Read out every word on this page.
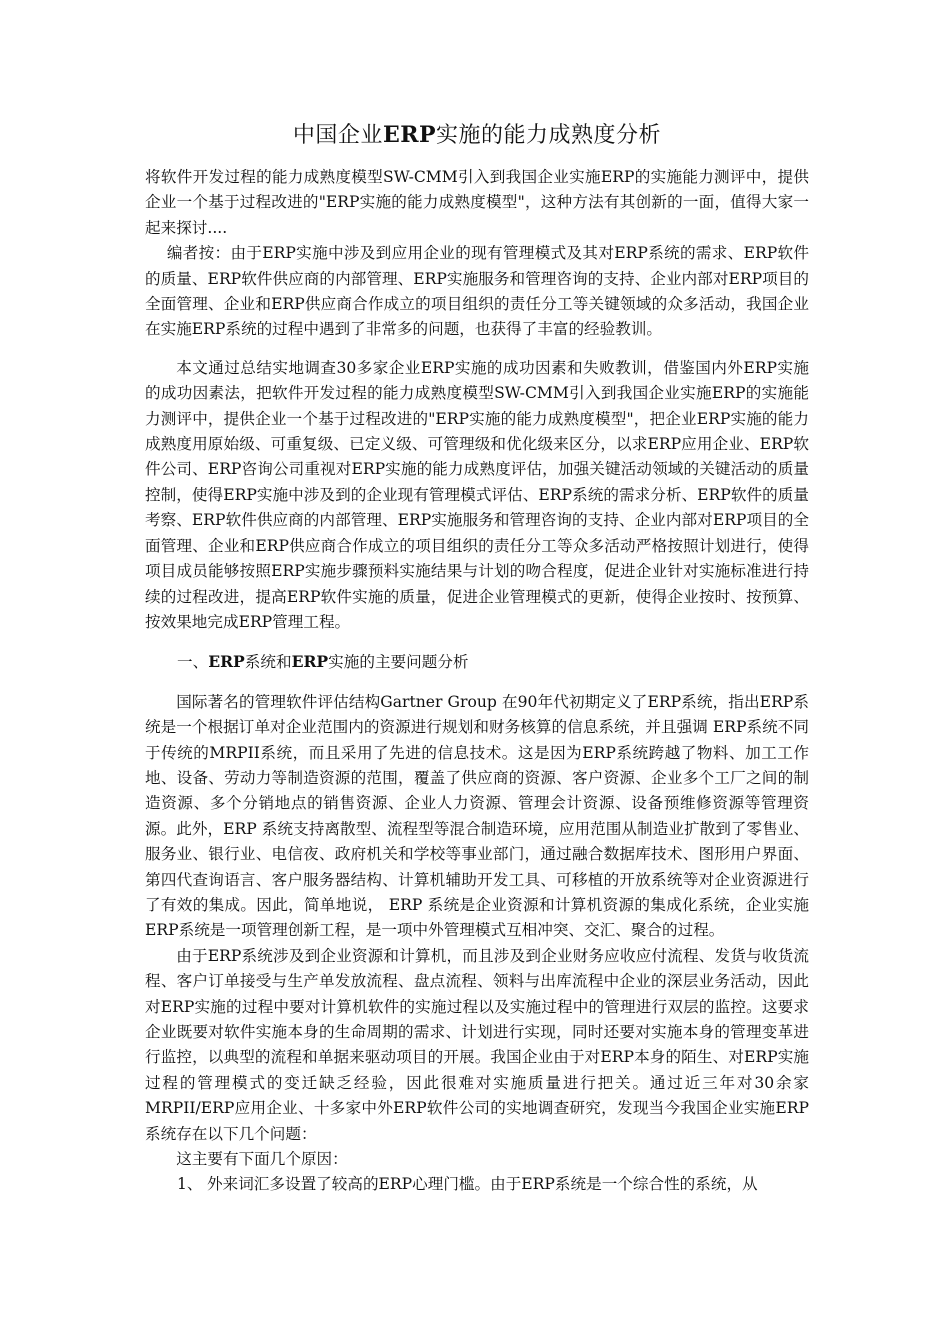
中国企业ERP实施的能力成熟度分析

将软件开发过程的能力成熟度模型SW-CMM引入到我国企业实施ERP的实施能力测评中，提供企业一个基于过程改进的"ERP实施的能力成熟度模型"，这种方法有其创新的一面，值得大家一起来探讨....

编者按：由于ERP实施中涉及到应用企业的现有管理模式及其对ERP系统的需求、ERP软件的质量、ERP软件供应商的内部管理、ERP实施服务和管理咨询的支持、企业内部对ERP项目的全面管理、企业和ERP供应商合作成立的项目组织的责任分工等关键领域的众多活动，我国企业在实施ERP系统的过程中遇到了非常多的问题，也获得了丰富的经验教训。

本文通过总结实地调查30多家企业ERP实施的成功因素和失败教训，借鉴国内外ERP实施的成功因素法，把软件开发过程的能力成熟度模型SW-CMM引入到我国企业实施ERP的实施能力测评中，提供企业一个基于过程改进的"ERP实施的能力成熟度模型"，把企业ERP实施的能力成熟度用原始级、可重复级、已定义级、可管理级和优化级来区分，以求ERP应用企业、ERP软件公司、ERP咨询公司重视对ERP实施的能力成熟度评估，加强关键活动领域的关键活动的质量控制，使得ERP实施中涉及到的企业现有管理模式评估、ERP系统的需求分析、ERP软件的质量考察、ERP软件供应商的内部管理、ERP实施服务和管理咨询的支持、企业内部对ERP项目的全面管理、企业和ERP供应商合作成立的项目组织的责任分工等众多活动严格按照计划进行，使得项目成员能够按照ERP实施步骤预料实施结果与计划的吻合程度，促进企业针对实施标准进行持续的过程改进，提高ERP软件实施的质量，促进企业管理模式的更新，使得企业按时、按预算、按效果地完成ERP管理工程。

一、ERP系统和ERP实施的主要问题分析

国际著名的管理软件评估结构Gartner Group 在90年代初期定义了ERP系统，指出ERP系统是一个根据订单对企业范围内的资源进行规划和财务核算的信息系统，并且强调 ERP系统不同于传统的MRPII系统，而且采用了先进的信息技术。这是因为ERP系统跨越了物料、加工工作地、设备、劳动力等制造资源的范围，覆盖了供应商的资源、客户资源、企业多个工厂之间的制造资源、多个分销地点的销售资源、企业人力资源、管理会计资源、设备预维修资源等管理资源。此外，ERP 系统支持离散型、流程型等混合制造环境，应用范围从制造业扩散到了零售业、服务业、银行业、电信夜、政府机关和学校等事业部门，通过融合数据库技术、图形用户界面、第四代查询语言、客户服务器结构、计算机辅助开发工具、可移植的开放系统等对企业资源进行了有效的集成。因此，简单地说， ERP 系统是企业资源和计算机资源的集成化系统，企业实施ERP系统是一项管理创新工程，是一项中外管理模式互相冲突、交汇、聚合的过程。

由于ERP系统涉及到企业资源和计算机，而且涉及到企业财务应收应付流程、发货与收货流程、客户订单接受与生产单发放流程、盘点流程、领料与出库流程中企业的深层业务活动，因此对ERP实施的过程中要对计算机软件的实施过程以及实施过程中的管理进行双层的监控。这要求企业既要对软件实施本身的生命周期的需求、计划进行实现，同时还要对实施本身的管理变革进行监控，以典型的流程和单据来驱动项目的开展。我国企业由于对ERP本身的陌生、对ERP实施过程的管理模式的变迁缺乏经验，因此很难对实施质量进行把关。通过近三年对30余家MRPII/ERP应用企业、十多家中外ERP软件公司的实地调查研究，发现当今我国企业实施ERP系统存在以下几个问题：

这主要有下面几个原因：

1、 外来词汇多设置了较高的ERP心理门槛。由于ERP系统是一个综合性的系统，从
